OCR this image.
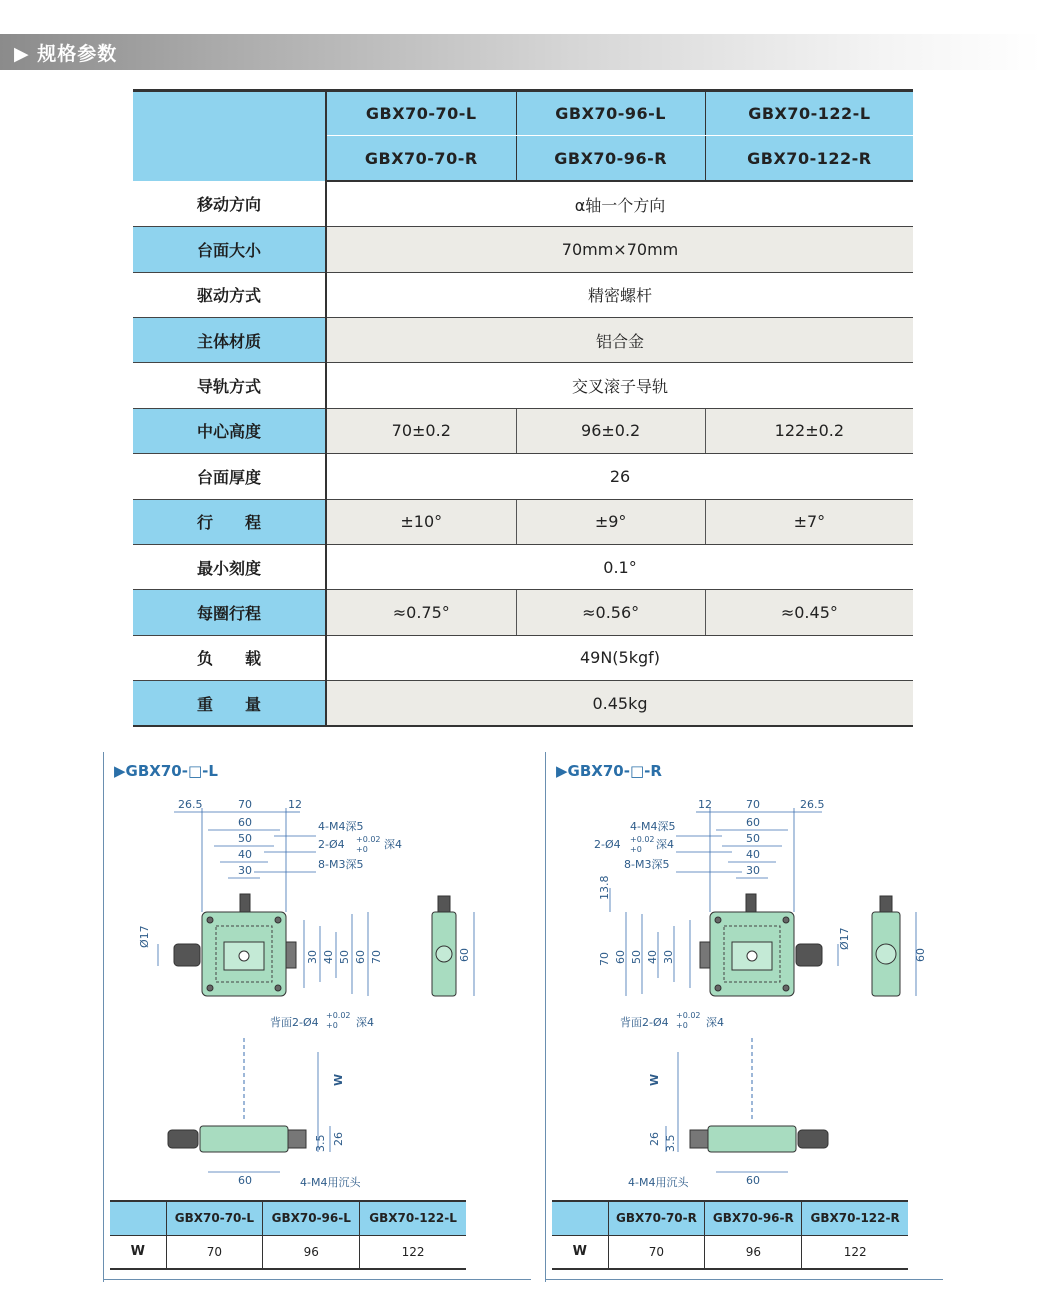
▶ 规格参数
	GBX70-70-L	GBX70-96-L	GBX70-122-L
	GBX70-70-R	GBX70-96-R	GBX70-122-R
移动方向	α轴一个方向		
台面大小	70mm×70mm		
驱动方式	精密螺杆		
主体材质	铝合金		
导轨方式	交叉滚子导轨		
中心高度	70±0.2	96±0.2	122±0.2
台面厚度	26		
行　　程	±10°	±9°	±7°
最小刻度	0.1°		
每圈行程	≈0.75°	≈0.56°	≈0.45°
负　　载	49N(5kgf)		
重　　量	0.45kg		
▶GBX70-□-L
26.5	70	12
60
50
40
30
4-M4深5
2-Ø4 +0.02
+0 深4
8-M3深5
Ø17
30 40 50 60 70	60
背面2-Ø4
+0.02
+0 深4
W
3.5 26
60	4-M4用沉头
	GBX70-70-L	GBX70-96-L	GBX70-122-L
W	70	96	122
▶GBX70-□-R
12	70	26.5
60
50
40
30
4-M4深5
2-Ø4 +0.02
+0 深4
8-M3深5
13.8
Ø17
70 60 50 40 30	60
背面2-Ø4
+0.02
+0 深4
W
26 3.5
60
4-M4用沉头
	GBX70-70-R	GBX70-96-R	GBX70-122-R
W	70	96	122
